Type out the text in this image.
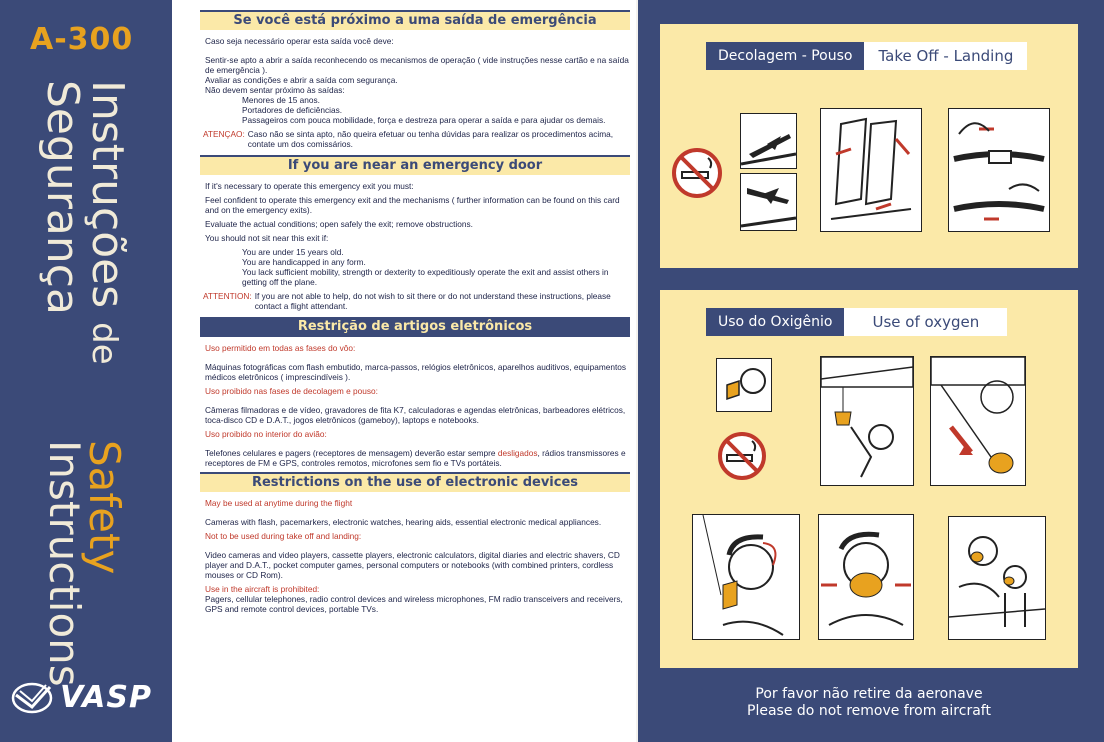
A-300
Instruções de
Segurança
Safety
Instructions
VASP
Se você está próximo a uma saída de emergência
Caso seja necessário operar esta saída você deve:
Sentir-se apto a abrir a saída reconhecendo os mecanismos de operação ( vide instruções nesse cartão e na saída de emergência ).
Avaliar as condições e abrir a saída com segurança.
Não devem sentar próximo às saídas:
Menores de 15 anos.
Portadores de deficiências.
Passageiros com pouca mobilidade, força e destreza para operar a saída e para ajudar os demais.
ATENÇAO: Caso não se sinta apto, não queira efetuar ou tenha dúvidas para realizar os procedimentos acima, contate um dos comissários.
If you are near an emergency door
If it's necessary to operate this emergency exit you must:
Feel confident to operate this emergency exit and the mechanisms ( further information can be found on this card and on the emergency exits).
Evaluate the actual conditions; open safely the exit; remove obstructions.
You should not sit near this exit if:
You are under 15 years old.
You are handicapped in any form.
You lack sufficient mobility, strength or dexterity to expeditiously operate the exit and assist others in getting off the plane.
ATTENTION: If you are not able to help, do not wish to sit there or do not understand these instructions, please contact a flight attendant.
Restrição de artigos eletrônicos
Uso permitido em todas as fases do vôo:
Máquinas fotográficas com flash embutido, marca-passos, relógios eletrônicos, aparelhos auditivos, equipamentos médicos eletrônicos ( imprescindíveis ).
Uso proibido nas fases de decolagem e pouso:
Câmeras filmadoras e de vídeo, gravadores de fita K7, calculadoras e agendas eletrônicas, barbeadores elétricos, toca-disco CD e D.A.T., jogos eletrônicos (gameboy), laptops e notebooks.
Uso proibido no interior do avião:
Telefones celulares e pagers (receptores de mensagem) deverão estar sempre desligados, rádios transmissores e receptores de FM e GPS, controles remotos, microfones sem fio e TVs portáteis.
Restrictions on the use of electronic devices
May be used at anytime during the flight
Cameras with flash, pacemarkers, electronic watches, hearing aids, essential electronic medical appliances.
Not to be used during take off and landing:
Video cameras and video players, cassette players, electronic calculators, digital diaries and electric shavers, CD player and D.A.T., pocket computer games, personal computers or notebooks (with combined printers, cordless mouses or CD Rom).
Use in the aircraft is prohibited:
Pagers, cellular telephones, radio control devices and wireless microphones, FM radio transceivers and receivers, GPS and remote control devices, portable TVs.
Decolagem - Pouso	Take Off - Landing
Uso do Oxigênio	Use of oxygen
Por favor não retire da aeronave
Please do not remove from aircraft
